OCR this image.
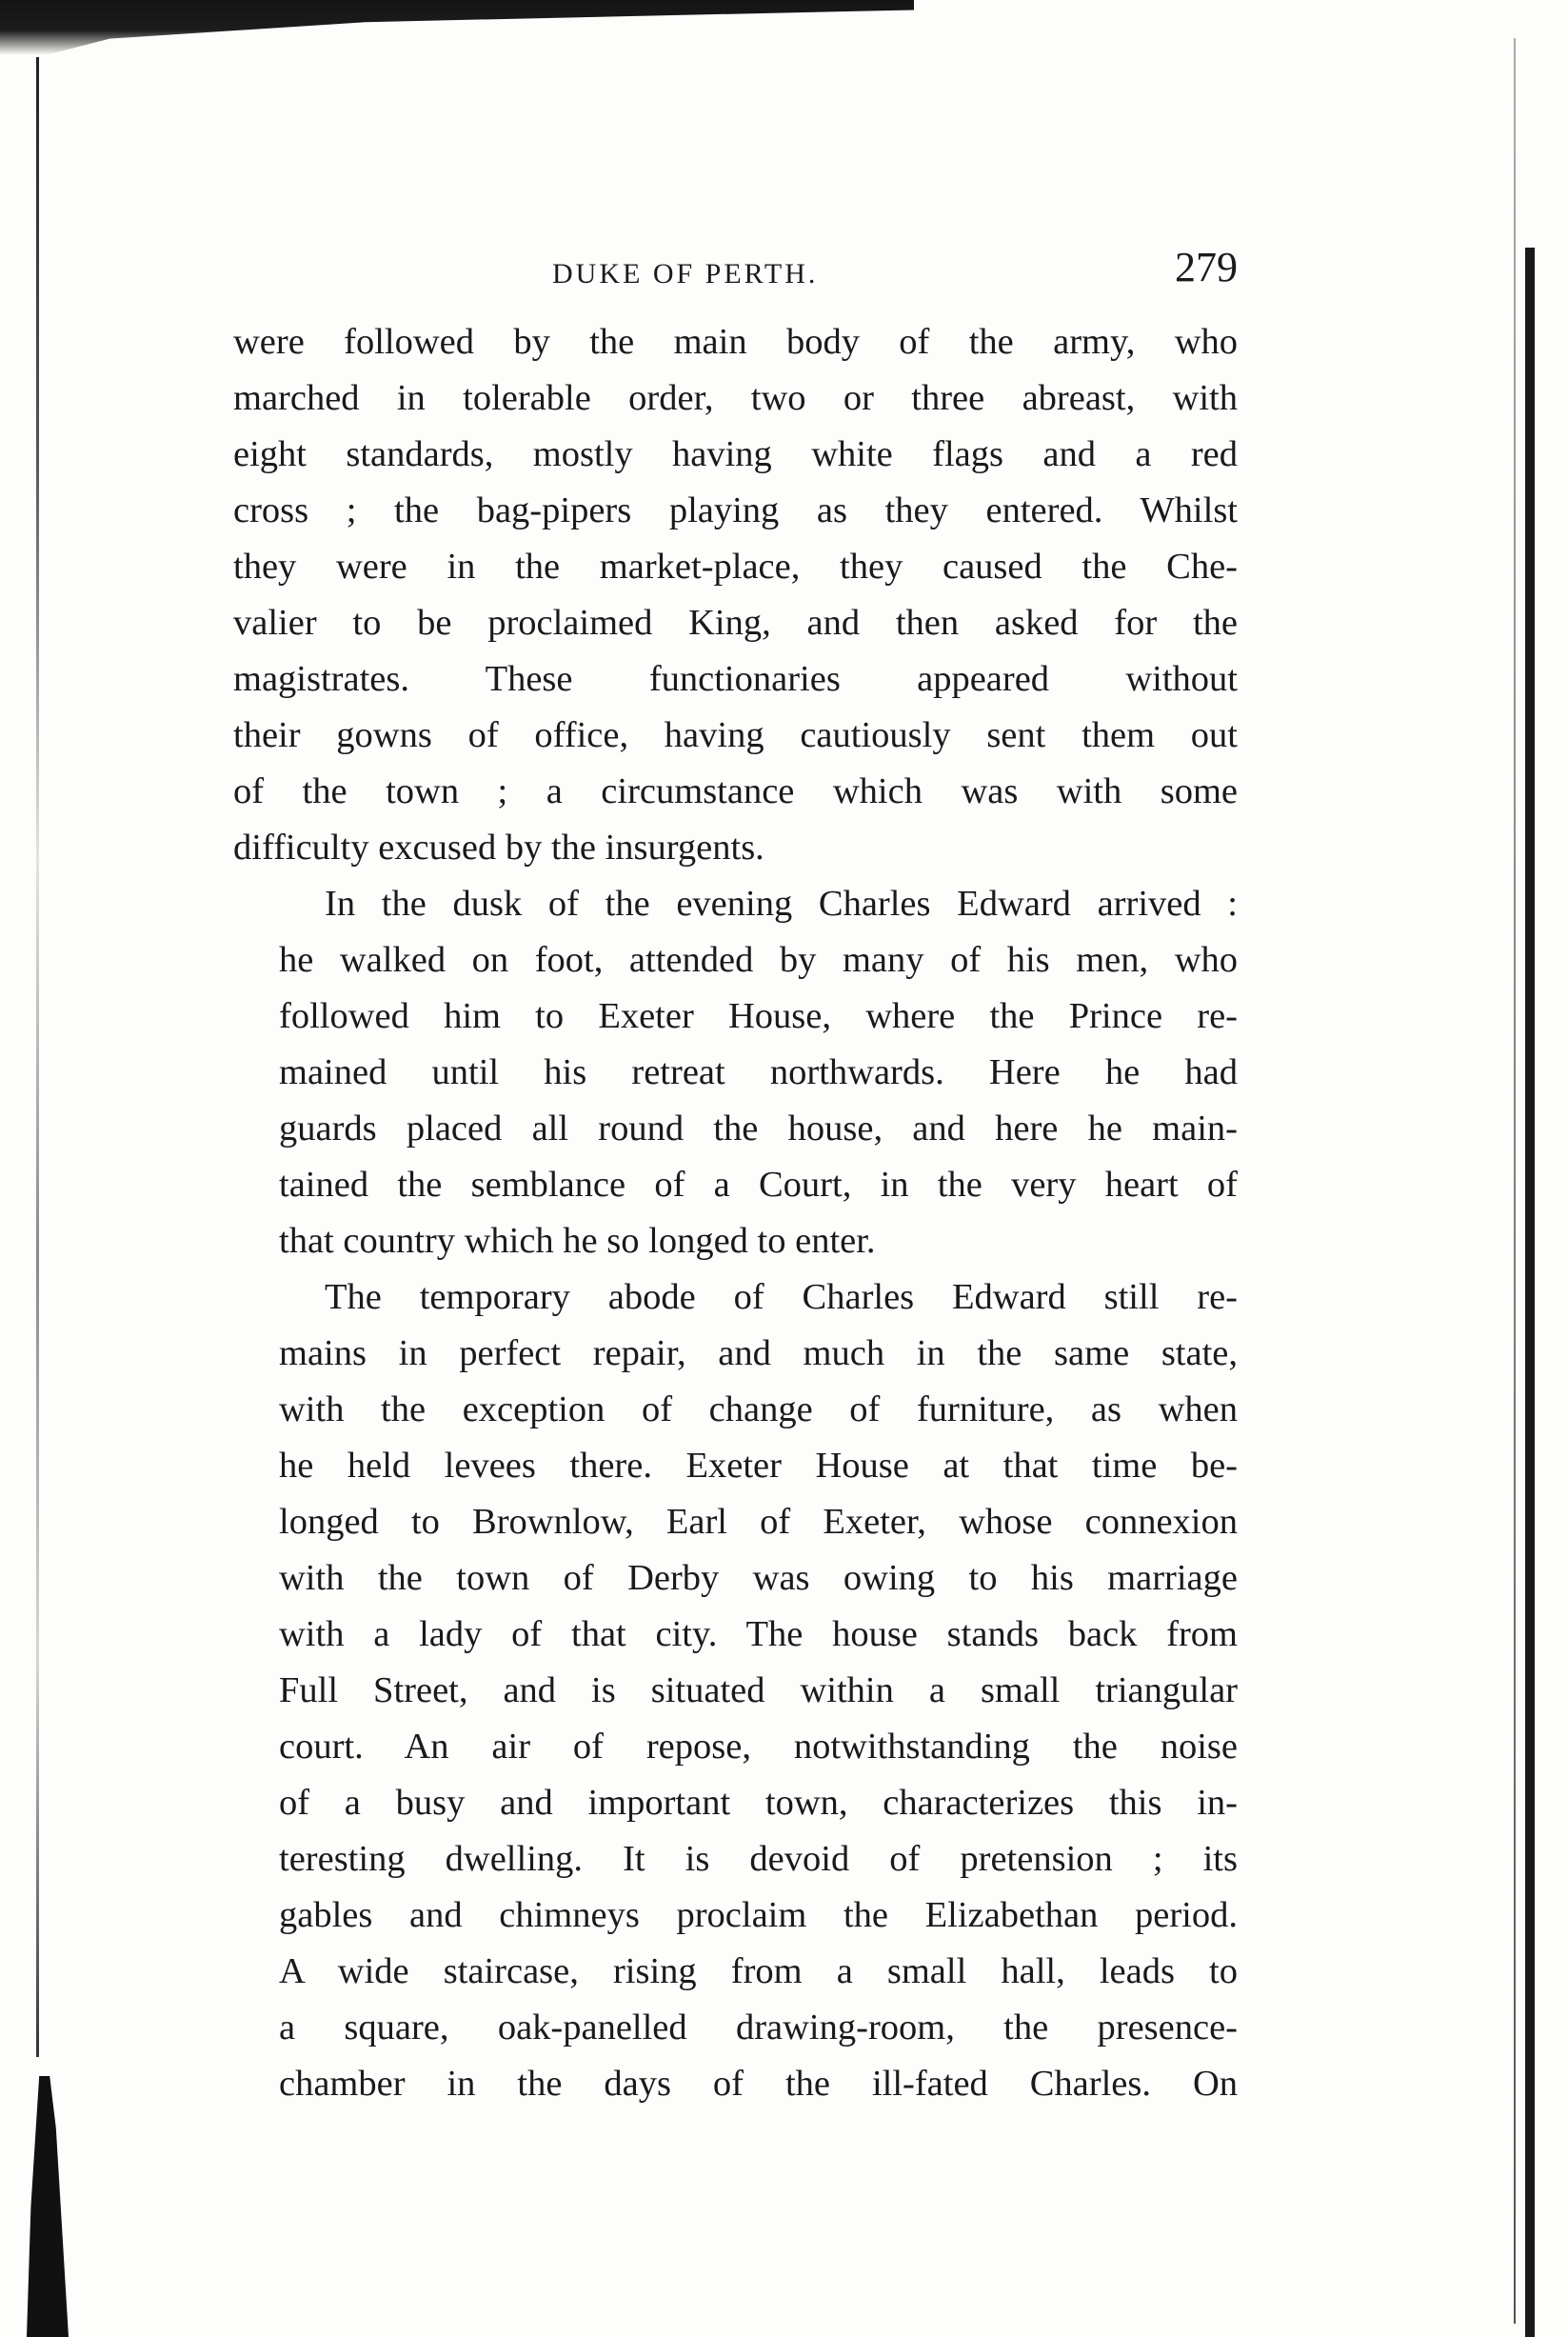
DUKE OF PERTH.	279

were followed by the main body of the army, who
marched in tolerable order, two or three abreast, with
eight standards, mostly having white flags and a red
cross ; the bag-pipers playing as they entered. Whilst
they were in the market-place, they caused the Che-
valier to be proclaimed King, and then asked for the
magistrates. These functionaries appeared without
their gowns of office, having cautiously sent them out
of the town ; a circumstance which was with some
difficulty excused by the insurgents.

In the dusk of the evening Charles Edward arrived :
he walked on foot, attended by many of his men, who
followed him to Exeter House, where the Prince re-
mained until his retreat northwards. Here he had
guards placed all round the house, and here he main-
tained the semblance of a Court, in the very heart of
that country which he so longed to enter.

The temporary abode of Charles Edward still re-
mains in perfect repair, and much in the same state,
with the exception of change of furniture, as when
he held levees there. Exeter House at that time be-
longed to Brownlow, Earl of Exeter, whose connexion
with the town of Derby was owing to his marriage
with a lady of that city. The house stands back from
Full Street, and is situated within a small triangular
court. An air of repose, notwithstanding the noise
of a busy and important town, characterizes this in-
teresting dwelling. It is devoid of pretension ; its
gables and chimneys proclaim the Elizabethan period.
A wide staircase, rising from a small hall, leads to
a square, oak-panelled drawing-room, the presence-
chamber in the days of the ill-fated Charles. On
